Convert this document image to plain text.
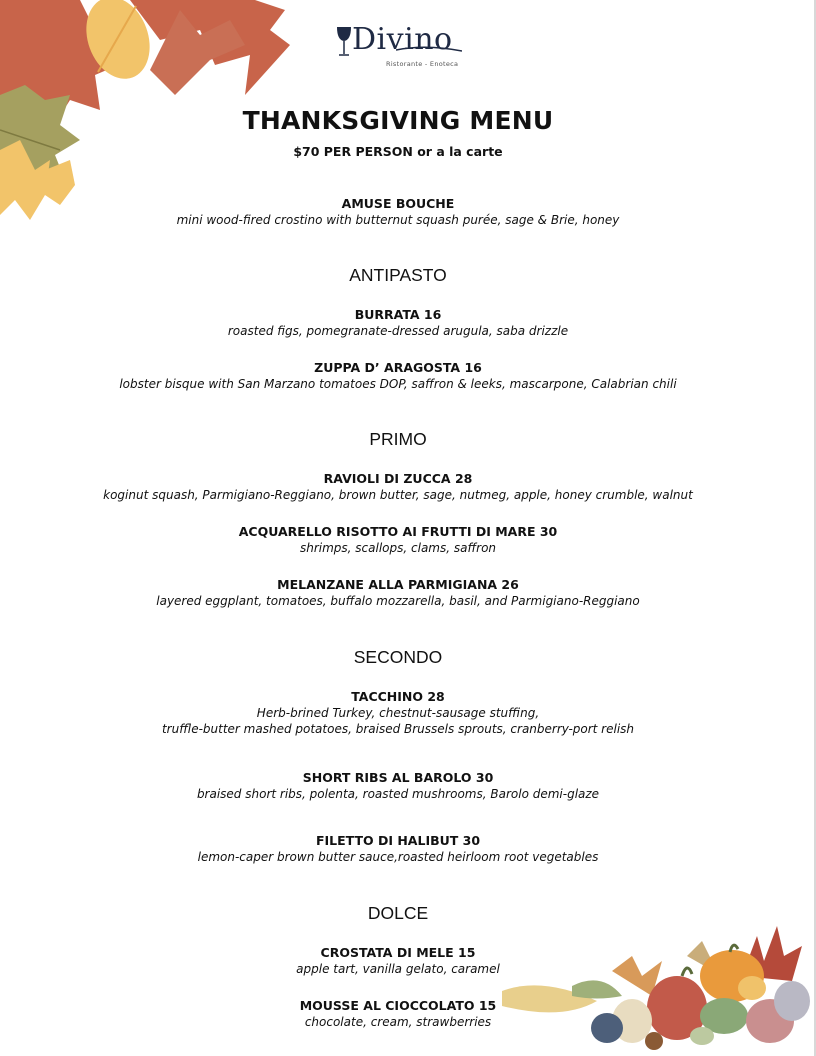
Divino
Ristorante - Enoteca
THANKSGIVING MENU

$70 PER PERSON or a la carte

AMUSE BOUCHE
mini wood-fired crostino with butternut squash purée, sage & Brie, honey
ANTIPASTO
BURRATA 16
roasted figs, pomegranate-dressed arugula, saba drizzle
ZUPPA D’ ARAGOSTA 16
lobster bisque with San Marzano tomatoes DOP, saffron & leeks, mascarpone, Calabrian chili
PRIMO
RAVIOLI DI ZUCCA 28
koginut squash, Parmigiano-Reggiano, brown butter, sage, nutmeg, apple, honey crumble, walnut
ACQUARELLO RISOTTO AI FRUTTI DI MARE 30
shrimps, scallops, clams, saffron
MELANZANE ALLA PARMIGIANA 26
layered eggplant, tomatoes, buffalo mozzarella, basil, and Parmigiano-Reggiano
SECONDO
TACCHINO 28
Herb-brined Turkey, chestnut-sausage stuffing,
truffle-butter mashed potatoes, braised Brussels sprouts, cranberry-port relish
SHORT RIBS AL BAROLO 30
braised short ribs, polenta, roasted mushrooms, Barolo demi-glaze
FILETTO DI HALIBUT 30
lemon-caper brown butter sauce,roasted heirloom root vegetables
DOLCE
CROSTATA DI MELE 15
apple tart, vanilla gelato, caramel
MOUSSE AL CIOCCOLATO 15
chocolate, cream, strawberries
